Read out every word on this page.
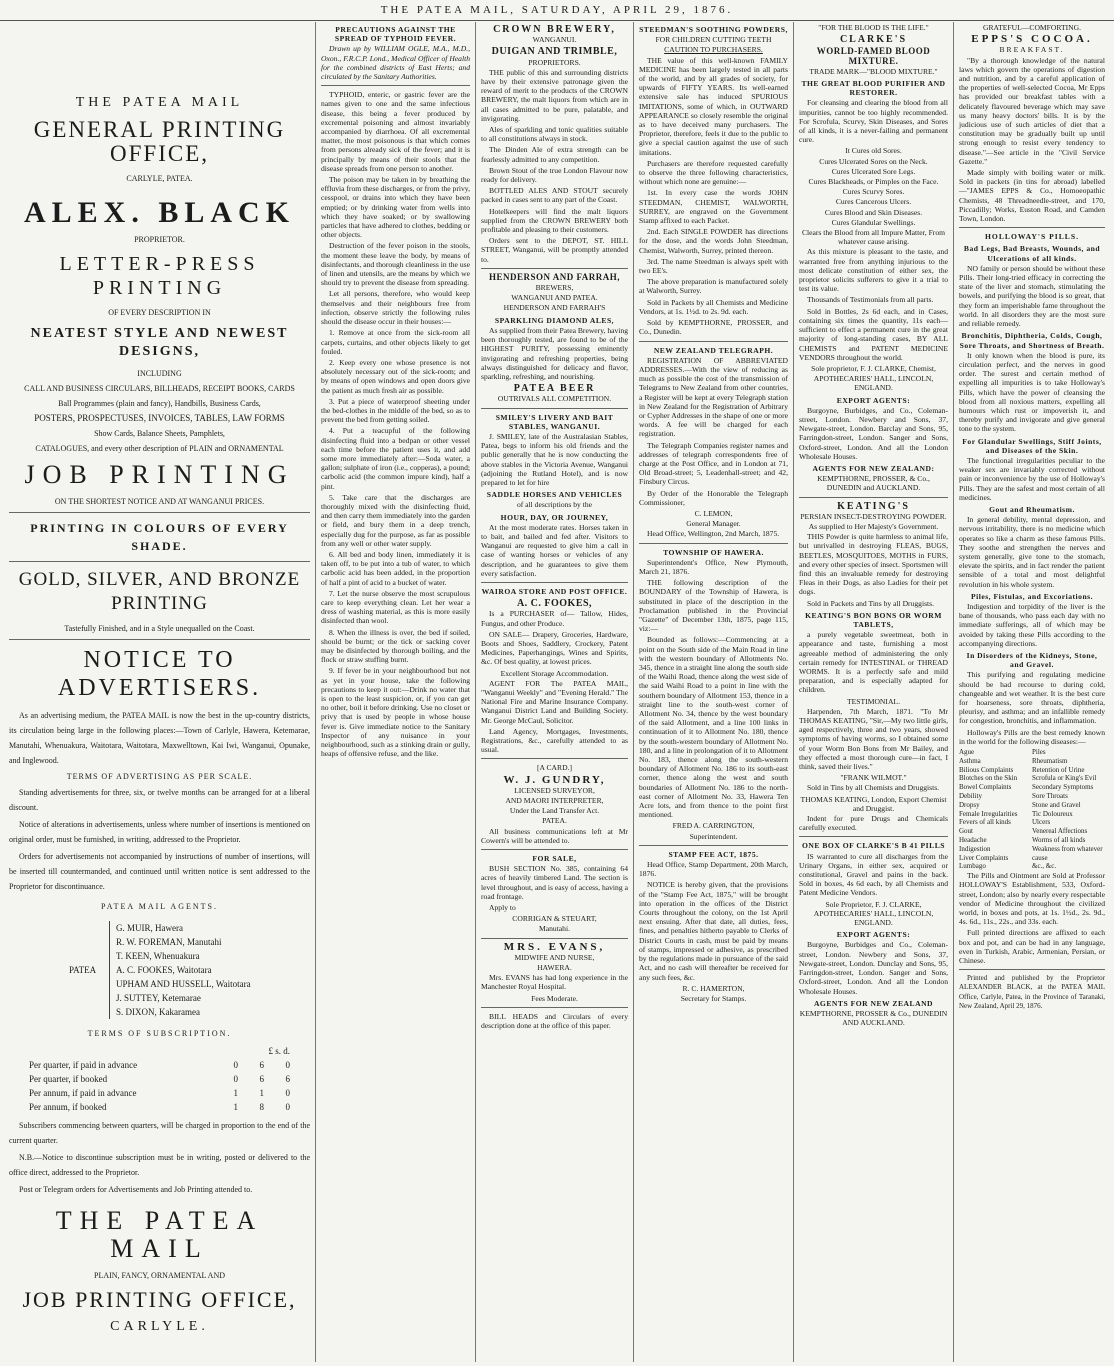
THE PATEA MAIL, SATURDAY, APRIL 29, 1876.
THE PATEA MAIL
GENERAL PRINTING OFFICE,
CARLYLE, PATEA.
ALEX. BLACK
PROPRIETOR.
LETTER-PRESS PRINTING
OF EVERY DESCRIPTION IN
NEATEST STYLE AND NEWEST DESIGNS,
INCLUDING
CALL AND BUSINESS CIRCULARS, BILLHEADS, RECEIPT BOOKS, CARDS
Ball Programmes (plain and fancy), Handbills, Business Cards,
POSTERS, PROSPECTUSES, INVOICES, TABLES, LAW FORMS
Show Cards, Balance Sheets, Pamphlets,
CATALOGUES, and every other description of PLAIN and ORNAMENTAL
JOB PRINTING
ON THE SHORTEST NOTICE AND AT WANGANUI PRICES.
PRINTING IN COLOURS OF EVERY SHADE.
GOLD, SILVER, AND BRONZE PRINTING
Tastefully Finished, and in a Style unequalled on the Coast.
NOTICE TO ADVERTISERS.
As an advertising medium, the PATEA MAIL is now the best in the up-country districts, its circulation being large in the following places:—Town of Carlyle, Hawera, Ketemarae, Manutahi, Whenuakura, Waitotara, Waitotara, Maxwelltown, Kai Iwi, Wanganui, Opunake, and Inglewood.
TERMS OF ADVERTISING AS PER SCALE.
Standing advertisements for three, six, or twelve months can be arranged for at a liberal discount.
Notice of alterations in advertisements, unless where number of insertions is mentioned on original order, must be furnished, in writing, addressed to the Proprietor.
Orders for advertisements not accompanied by instructions of number of insertions, will be inserted till countermanded, and continued until written notice is sent addressed to the Proprietor for discontinuance.
PATEA MAIL AGENTS.
PATEA
G. MUIR, Hawera
R. W. FOREMAN, Manutahi
T. KEEN, Whenuakura
A. C. FOOKES, Waitotara
UPHAM AND HUSSELL, Waitotara
J. SUTTEY, Ketemarae
S. DIXON, Kakaramea
TERMS OF SUBSCRIPTION.
£ s. d.
Per quarter, if paid in advance	0	6	0
Per quarter, if booked	0	6	6
Per annum, if paid in advance	1	1	0
Per annum, if booked	1	8	0
Subscribers commencing between quarters, will be charged in proportion to the end of the current quarter.
N.B.—Notice to discontinue subscription must be in writing, posted or delivered to the office direct, addressed to the Proprietor.
Post or Telegram orders for Advertisements and Job Printing attended to.
THE PATEA MAIL
PLAIN, FANCY, ORNAMENTAL AND
JOB PRINTING OFFICE,
CARLYLE.
PRECAUTIONS AGAINST THE SPREAD OF TYPHOID FEVER.
Drawn up by WILLIAM OGLE, M.A., M.D., Oxon., F.R.C.P. Lond., Medical Officer of Health for the combined districts of East Herts; and circulated by the Sanitary Authorities.
TYPHOID, enteric, or gastric fever are the names given to one and the same infectious disease, this being a fever produced by excremental poisoning and almost invariably accompanied by diarrhoea. Of all excremental matter, the most poisonous is that which comes from persons already sick of the fever; and it is principally by means of their stools that the disease spreads from one person to another.
The poison may be taken in by breathing the effluvia from these discharges, or from the privy, cesspool, or drains into which they have been emptied; or by drinking water from wells into which they have soaked; or by swallowing particles that have adhered to clothes, bedding or other objects.
Destruction of the fever poison in the stools, the moment these leave the body, by means of disinfectants, and thorough cleanliness in the use of linen and utensils, are the means by which we should try to prevent the disease from spreading.
Let all persons, therefore, who would keep themselves and their neighbours free from infection, observe strictly the following rules should the disease occur in their houses:—
1. Remove at once from the sick-room all carpets, curtains, and other objects likely to get fouled.
2. Keep every one whose presence is not absolutely necessary out of the sick-room; and by means of open windows and open doors give the patient as much fresh air as possible.
3. Put a piece of waterproof sheeting under the bed-clothes in the middle of the bed, so as to prevent the bed from getting soiled.
4. Put a teacupful of the following disinfecting fluid into a bedpan or other vessel each time before the patient uses it, and add some more immediately after:—Soda water, a gallon; sulphate of iron (i.e., copperas), a pound; carbolic acid (the common impure kind), half a pint.
5. Take care that the discharges are thoroughly mixed with the disinfecting fluid, and then carry them immediately into the garden or field, and bury them in a deep trench, especially dug for the purpose, as far as possible from any well or other water supply.
6. All bed and body linen, immediately it is taken off, to be put into a tub of water, to which carbolic acid has been added, in the proportion of half a pint of acid to a bucket of water.
7. Let the nurse observe the most scrupulous care to keep everything clean. Let her wear a dress of washing material, as this is more easily disinfected than wool.
8. When the illness is over, the bed if soiled, should be burnt; or the tick or sacking cover may be disinfected by thorough boiling, and the flock or straw stuffing burnt.
9. If fever be in your neighbourhood but not as yet in your house, take the following precautions to keep it out:—Drink no water that is open to the least suspicion, or, if you can get no other, boil it before drinking. Use no closet or privy that is used by people in whose house fever is. Give immediate notice to the Sanitary Inspector of any nuisance in your neighbourhood, such as a stinking drain or gully, heaps of offensive refuse, and the like.
CROWN BREWERY,
WANGANUI.
DUIGAN AND TRIMBLE,
PROPRIETORS.
THE public of this and surrounding districts have by their extensive patronage given the reward of merit to the products of the CROWN BREWERY, the malt liquors from which are in all cases admitted to be pure, palatable, and invigorating.
Ales of sparkling and tonic qualities suitable to all constitutions always in stock.
The Dinden Ale of extra strength can be fearlessly admitted to any competition.
Brown Stout of the true London Flavour now ready for delivery.
BOTTLED ALES AND STOUT securely packed in cases sent to any part of the Coast.
Hotelkeepers will find the malt liquors supplied from the CROWN BREWERY both profitable and pleasing to their customers.
Orders sent to the DEPOT, ST. HILL STREET, Wanganui, will be promptly attended to.
HENDERSON AND FARRAH,
BREWERS,
WANGANUI AND PATEA.
HENDERSON AND FARRAH'S
SPARKLING DIAMOND ALES,
As supplied from their Patea Brewery, having been thoroughly tested, are found to be of the HIGHEST PURITY, possessing eminently invigorating and refreshing properties, being always distinguished for delicacy and flavor, sparkling, refreshing, and nourishing.
PATEA BEER
OUTRIVALS ALL COMPETITION.
SMILEY'S LIVERY AND BAIT STABLES, WANGANUI.
J. SMILEY, late of the Australasian Stables, Patea, begs to inform his old friends and the public generally that he is now conducting the above stables in the Victoria Avenue, Wanganui (adjoining the Rutland Hotel), and is now prepared to let for hire
SADDLE HORSES AND VEHICLES
of all descriptions by the
HOUR, DAY, OR JOURNEY,
At the most moderate rates. Horses taken in to bait, and bailed and fed after. Visitors to Wanganui are requested to give him a call in case of wanting horses or vehicles of any description, and he guarantees to give them every satisfaction.
WAIROA STORE AND POST OFFICE.
A. C. FOOKES,
Is a PURCHASER of— Tallow, Hides, Fungus, and other Produce.
ON SALE— Drapery, Groceries, Hardware, Boots and Shoes, Saddlery, Crockery, Patent Medicines, Paperhangings, Wines and Spirits, &c. Of best quality, at lowest prices.
Excellent Storage Accommodation.
AGENT FOR The PATEA MAIL, "Wanganui Weekly" and "Evening Herald." The National Fire and Marine Insurance Company. Wanganui District Land and Building Society. Mr. George McCaul, Solicitor.
Land Agency, Mortgages, Investments, Registrations, &c., carefully attended to as usual.
[A CARD.]
W. J. GUNDRY,
LICENSED SURVEYOR,
AND MAORI INTERPRETER,
Under the Land Transfer Act.
PATEA.
All business communications left at Mr Cowern's will be attended to.
FOR SALE,
BUSH SECTION No. 385, containing 64 acres of heavily timbered Land. The section is level throughout, and is easy of access, having a road frontage.
Apply to
CORRIGAN & STEUART,
Manutahi.
MRS. EVANS,
MIDWIFE AND NURSE,
HAWERA.
Mrs. EVANS has had long experience in the Manchester Royal Hospital.
Fees Moderate.
BILL HEADS and Circulars of every description done at the office of this paper.
STEEDMAN'S SOOTHING POWDERS,
FOR CHILDREN CUTTING TEETH
CAUTION TO PURCHASERS.
THE value of this well-known FAMILY MEDICINE has been largely tested in all parts of the world, and by all grades of society, for upwards of FIFTY YEARS. Its well-earned extensive sale has induced SPURIOUS IMITATIONS, some of which, in OUTWARD APPEARANCE so closely resemble the original as to have deceived many purchasers. The Proprietor, therefore, feels it due to the public to give a special caution against the use of such imitations.
Purchasers are therefore requested carefully to observe the three following characteristics, without which none are genuine:—
1st. In every case the words JOHN STEEDMAN, CHEMIST, WALWORTH, SURREY, are engraved on the Government Stamp affixed to each Packet.
2nd. Each SINGLE POWDER has directions for the dose, and the words John Steedman, Chemist, Walworth, Surrey, printed thereon.
3rd. The name Steedman is always spelt with two EE's.
The above preparation is manufactured solely at Walworth, Surrey.
Sold in Packets by all Chemists and Medicine Vendors, at 1s. 1½d. to 2s. 9d. each.
Sold by KEMPTHORNE, PROSSER, and Co., Dunedin.
NEW ZEALAND TELEGRAPH.
REGISTRATION OF ABBREVIATED ADDRESSES.—With the view of reducing as much as possible the cost of the transmission of Telegrams to New Zealand from other countries, a Register will be kept at every Telegraph station in New Zealand for the Registration of Arbitrary or Cypher Addresses in the shape of one or more words. A fee will be charged for each registration.
The Telegraph Companies register names and addresses of telegraph correspondents free of charge at the Post Office, and in London at 71, Old Broad-street; 5, Leadenhall-street; and 42, Finsbury Circus.
By Order of the Honorable the Telegraph Commissioner,
C. LEMON,
General Manager.
Head Office, Wellington, 2nd March, 1875.
TOWNSHIP OF HAWERA.
Superintendent's Office, New Plymouth, March 21, 1876.
THE following description of the BOUNDARY of the Township of Hawera, is substituted in place of the description in the Proclamation published in the Provincial "Gazette" of December 13th, 1875, page 115, viz:—
Bounded as follows:—Commencing at a point on the South side of the Main Road in line with the western boundary of Allotments No. 345, thence in a straight line along the south side of the Waihi Road, thence along the west side of the said Waihi Road to a point in line with the southern boundary of Allotment 153, thence in a straight line to the south-west corner of Allotment No. 34, thence by the west boundary of the said Allotment, and a line 100 links in continuation of it to Allotment No. 180, thence by the south-western boundary of Allotment No. 180, and a line in prolongation of it to Allotment No. 183, thence along the south-western boundary of Allotment No. 186 to its south-east corner, thence along the west and south boundaries of Allotment No. 186 to the north-east corner of Allotment No. 33, Hawera Ten Acre lots, and from thence to the point first mentioned.
FRED A. CARRINGTON,
Superintendent.
STAMP FEE ACT, 1875.
Head Office, Stamp Department, 20th March, 1876.
NOTICE is hereby given, that the provisions of the "Stamp Fee Act, 1875," will be brought into operation in the offices of the District Courts throughout the colony, on the 1st April next ensuing. After that date, all duties, fees, fines, and penalties hitherto payable to Clerks of District Courts in cash, must be paid by means of stamps, impressed or adhesive, as prescribed by the regulations made in pursuance of the said Act, and no cash will thereafter be received for any such fees, &c.
R. C. HAMERTON,
Secretary for Stamps.
"FOR THE BLOOD IS THE LIFE."
CLARKE'S
WORLD-FAMED BLOOD MIXTURE.
TRADE MARK—"BLOOD MIXTURE."
THE GREAT BLOOD PURIFIER AND RESTORER.
For cleansing and clearing the blood from all impurities, cannot be too highly recommended. For Scrofula, Scurvy, Skin Diseases, and Sores of all kinds, it is a never-failing and permanent cure.
It Cures old Sores.
Cures Ulcerated Sores on the Neck.
Cures Ulcerated Sore Legs.
Cures Blackheads, or Pimples on the Face.
Cures Scurvy Sores.
Cures Cancerous Ulcers.
Cures Blood and Skin Diseases.
Cures Glandular Swellings.
Clears the Blood from all Impure Matter, From whatever cause arising.
As this mixture is pleasant to the taste, and warranted free from anything injurious to the most delicate constitution of either sex, the proprietor solicits sufferers to give it a trial to test its value.
Thousands of Testimonials from all parts.
Sold in Bottles, 2s 6d each, and in Cases, containing six times the quantity, 11s each—sufficient to effect a permanent cure in the great majority of long-standing cases, BY ALL CHEMISTS and PATENT MEDICINE VENDORS throughout the world.
Sole proprietor, F. J. CLARKE, Chemist,
APOTHECARIES' HALL, LINCOLN, ENGLAND.
EXPORT AGENTS:
Burgoyne, Burbidges, and Co., Coleman-street, London. Newbery and Sons, 37, Newgate-street, London. Barclay and Sons, 95, Farringdon-street, London. Sanger and Sons, Oxford-street, London. And all the London Wholesale Houses.
AGENTS FOR NEW ZEALAND:
KEMPTHORNE, PROSSER, & Co., DUNEDIN and AUCKLAND.
KEATING'S
PERSIAN INSECT-DESTROYING POWDER.
As supplied to Her Majesty's Government.
THIS Powder is quite harmless to animal life, but unrivalled in destroying FLEAS, BUGS, BEETLES, MOSQUITOES, MOTHS in FURS, and every other species of insect. Sportsmen will find this an invaluable remedy for destroying Fleas in their Dogs, as also Ladies for their pet dogs.
Sold in Packets and Tins by all Druggists.
KEATING'S BON BONS OR WORM TABLETS,
a purely vegetable sweetmeat, both in appearance and taste, furnishing a most agreeable method of administering the only certain remedy for INTESTINAL or THREAD WORMS. It is a perfectly safe and mild preparation, and is especially adapted for children.
TESTIMONIAL.
Harpenden, 7th March, 1871. "To Mr THOMAS KEATING, "Sir,—My two little girls, aged respectively, three and two years, showed symptoms of having worms, so I obtained some of your Worm Bon Bons from Mr Bailey, and they effected a most thorough cure—in fact, I think, saved their lives."
"FRANK WILMOT."
Sold in Tins by all Chemists and Druggists.
THOMAS KEATING, London, Export Chemist and Druggist.
Indent for pure Drugs and Chemicals carefully executed.
ONE BOX OF CLARKE'S B 41 PILLS
IS warranted to cure all discharges from the Urinary Organs, in either sex, acquired or constitutional, Gravel and pains in the back. Sold in boxes, 4s 6d each, by all Chemists and Patent Medicine Vendors.
Sole Proprietor, F. J. CLARKE, APOTHECARIES' HALL, LINCOLN, ENGLAND.
EXPORT AGENTS:
Burgoyne, Burbidges and Co., Coleman-street, London. Newbery and Sons, 37, Newgate-street, London. Dunclay and Sons, 95, Farringdon-street, London. Sanger and Sons, Oxford-street, London. And all the London Wholesale Houses.
AGENTS FOR NEW ZEALAND
KEMPTHORNE, PROSSER & Co., DUNEDIN AND AUCKLAND.
GRATEFUL—COMFORTING.
EPPS'S COCOA.
BREAKFAST.
"By a thorough knowledge of the natural laws which govern the operations of digestion and nutrition, and by a careful application of the properties of well-selected Cocoa, Mr Epps has provided our breakfast tables with a delicately flavoured beverage which may save us many heavy doctors' bills. It is by the judicious use of such articles of diet that a constitution may be gradually built up until strong enough to resist every tendency to disease."—See article in the "Civil Service Gazette."
Made simply with boiling water or milk. Sold in packets (in tins for abroad) labelled—"JAMES EPPS & Co., Homoeopathic Chemists, 48 Threadneedle-street, and 170, Piccadilly; Works, Euston Road, and Camden Town, London.
HOLLOWAY'S PILLS.
Bad Legs, Bad Breasts, Wounds, and Ulcerations of all kinds.
NO family or person should be without these Pills. Their long-tried efficacy in correcting the state of the liver and stomach, stimulating the bowels, and purifying the blood is so great, that they form an imperishable fame throughout the world. In all disorders they are the most sure and reliable remedy.
Bronchitis, Diphtheria, Colds, Cough, Sore Throats, and Shortness of Breath.
It only known when the blood is pure, its circulation perfect, and the nerves in good order. The surest and certain method of expelling all impurities is to take Holloway's Pills, which have the power of cleansing the blood from all noxious matters, expelling all humours which rust or impoverish it, and thereby purify and invigorate and give general tone to the system.
For Glandular Swellings, Stiff Joints, and Diseases of the Skin.
The functional irregularities peculiar to the weaker sex are invariably corrected without pain or inconvenience by the use of Holloway's Pills. They are the safest and most certain of all medicines.
Gout and Rheumatism.
In general debility, mental depression, and nervous irritability, there is no medicine which operates so like a charm as these famous Pills. They soothe and strengthen the nerves and system generally, give tone to the stomach, elevate the spirits, and in fact render the patient sensible of a total and most delightful revolution in his whole system.
Piles, Fistulas, and Excoriations.
Indigestion and torpidity of the liver is the bane of thousands, who pass each day with no immediate sufferings, all of which may be avoided by taking these Pills according to the accompanying directions.
In Disorders of the Kidneys, Stone, and Gravel.
This purifying and regulating medicine should be had recourse to during cold, changeable and wet weather. It is the best cure for hoarseness, sore throats, diphtheria, pleurisy, and asthma; and an infallible remedy for congestion, bronchitis, and inflammation.
Holloway's Pills are the best remedy known in the world for the following diseases:—
Ague
Asthma
Bilious Complaints
Blotches on the Skin
Bowel Complaints
Debility
Dropsy
Female Irregularities
Fevers of all kinds
Gout
Headache
Indigestion
Liver Complaints
Lumbago
Piles
Rheumatism
Retention of Urine
Scrofula or King's Evil
Secondary Symptoms
Sore Throats
Stone and Gravel
Tic Doloureux
Ulcers
Venereal Affections
Worms of all kinds
Weakness from whatever cause
&c., &c.
The Pills and Ointment are Sold at Professor HOLLOWAY'S Establishment, 533, Oxford-street, London; also by nearly every respectable vendor of Medicine throughout the civilized world, in boxes and pots, at 1s. 1½d., 2s. 9d., 4s. 6d., 11s., 22s., and 33s. each.
Full printed directions are affixed to each box and pot, and can be had in any language, even in Turkish, Arabic, Armenian, Persian, or Chinese.
Printed and published by the Proprietor ALEXANDER BLACK, at the PATEA MAIL Office, Carlyle, Patea, in the Province of Taranaki, New Zealand, April 29, 1876.
